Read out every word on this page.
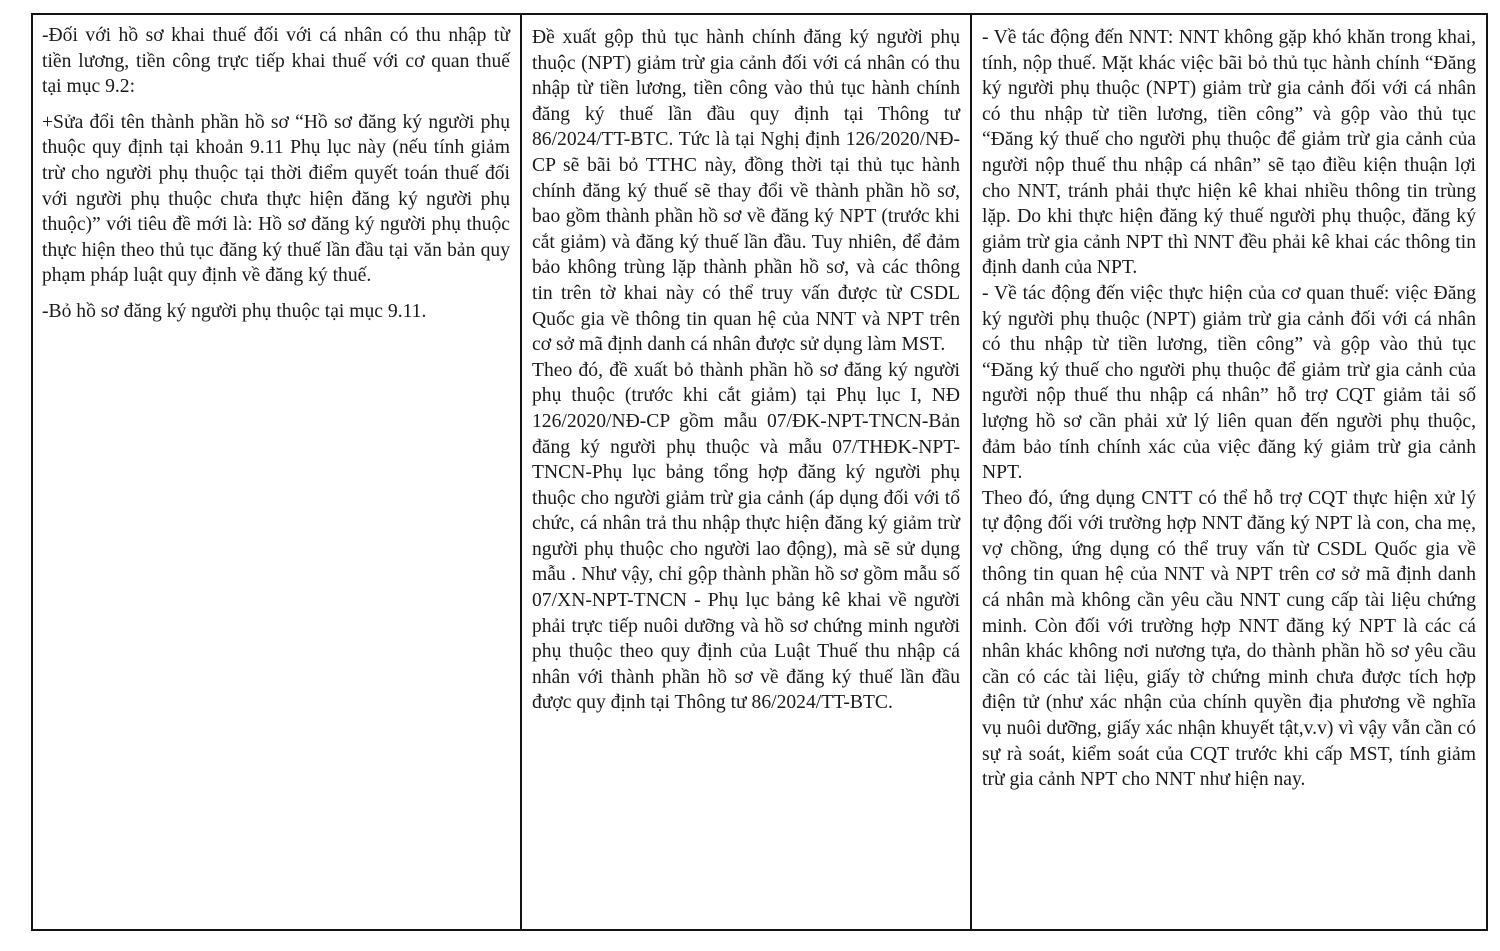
-Đối với hồ sơ khai thuế đối với cá nhân có thu nhập từ tiền lương, tiền công trực tiếp khai thuế với cơ quan thuế tại mục 9.2:

+Sửa đổi tên thành phần hồ sơ “Hồ sơ đăng ký người phụ thuộc quy định tại khoản 9.11 Phụ lục này (nếu tính giảm trừ cho người phụ thuộc tại thời điểm quyết toán thuế đối với người phụ thuộc chưa thực hiện đăng ký người phụ thuộc)” với tiêu đề mới là: Hồ sơ đăng ký người phụ thuộc thực hiện theo thủ tục đăng ký thuế lần đầu tại văn bản quy phạm pháp luật quy định về đăng ký thuế.

-Bỏ hồ sơ đăng ký người phụ thuộc tại mục 9.11.

Đề xuất gộp thủ tục hành chính đăng ký người phụ thuộc (NPT) giảm trừ gia cảnh đối với cá nhân có thu nhập từ tiền lương, tiền công vào thủ tục hành chính đăng ký thuế lần đầu quy định tại Thông tư 86/2024/TT-BTC. Tức là tại Nghị định 126/2020/NĐ-CP sẽ bãi bỏ TTHC này, đồng thời tại thủ tục hành chính đăng ký thuế sẽ thay đổi về thành phần hồ sơ, bao gồm thành phần hồ sơ về đăng ký NPT (trước khi cắt giảm) và đăng ký thuế lần đầu. Tuy nhiên, để đảm bảo không trùng lặp thành phần hồ sơ, và các thông tin trên tờ khai này có thể truy vấn được từ CSDL Quốc gia về thông tin quan hệ của NNT và NPT trên cơ sở mã định danh cá nhân được sử dụng làm MST.

Theo đó, đề xuất bỏ thành phần hồ sơ đăng ký người phụ thuộc (trước khi cắt giảm) tại Phụ lục I, NĐ 126/2020/NĐ-CP gồm mẫu 07/ĐK-NPT-TNCN-Bản đăng ký người phụ thuộc và mẫu 07/THĐK-NPT-TNCN-Phụ lục bảng tổng hợp đăng ký người phụ thuộc cho người giảm trừ gia cảnh (áp dụng đối với tổ chức, cá nhân trả thu nhập thực hiện đăng ký giảm trừ người phụ thuộc cho người lao động), mà sẽ sử dụng mẫu . Như vậy, chỉ gộp thành phần hồ sơ gồm mẫu số 07/XN-NPT-TNCN - Phụ lục bảng kê khai về người phải trực tiếp nuôi dưỡng và hồ sơ chứng minh người phụ thuộc theo quy định của Luật Thuế thu nhập cá nhân với thành phần hồ sơ về đăng ký thuế lần đầu được quy định tại Thông tư 86/2024/TT-BTC.

- Về tác động đến NNT: NNT không gặp khó khăn trong khai, tính, nộp thuế. Mặt khác việc bãi bỏ thủ tục hành chính “Đăng ký người phụ thuộc (NPT) giảm trừ gia cảnh đối với cá nhân có thu nhập từ tiền lương, tiền công” và gộp vào thủ tục “Đăng ký thuế cho người phụ thuộc để giảm trừ gia cảnh của người nộp thuế thu nhập cá nhân” sẽ tạo điều kiện thuận lợi cho NNT, tránh phải thực hiện kê khai nhiều thông tin trùng lặp. Do khi thực hiện đăng ký thuế người phụ thuộc, đăng ký giảm trừ gia cảnh NPT thì NNT đều phải kê khai các thông tin định danh của NPT.

- Về tác động đến việc thực hiện của cơ quan thuế: việc Đăng ký người phụ thuộc (NPT) giảm trừ gia cảnh đối với cá nhân có thu nhập từ tiền lương, tiền công” và gộp vào thủ tục “Đăng ký thuế cho người phụ thuộc để giảm trừ gia cảnh của người nộp thuế thu nhập cá nhân” hỗ trợ CQT giảm tải số lượng hồ sơ cần phải xử lý liên quan đến người phụ thuộc, đảm bảo tính chính xác của việc đăng ký giảm trừ gia cảnh NPT.

Theo đó, ứng dụng CNTT có thể hỗ trợ CQT thực hiện xử lý tự động đối với trường hợp NNT đăng ký NPT là con, cha mẹ, vợ chồng, ứng dụng có thể truy vấn từ CSDL Quốc gia về thông tin quan hệ của NNT và NPT trên cơ sở mã định danh cá nhân mà không cần yêu cầu NNT cung cấp tài liệu chứng minh. Còn đối với trường hợp NNT đăng ký NPT là các cá nhân khác không nơi nương tựa, do thành phần hồ sơ yêu cầu cần có các tài liệu, giấy tờ chứng minh chưa được tích hợp điện tử (như xác nhận của chính quyền địa phương về nghĩa vụ nuôi dưỡng, giấy xác nhận khuyết tật,v.v) vì vậy vẫn cần có sự rà soát, kiểm soát của CQT trước khi cấp MST, tính giảm trừ gia cảnh NPT cho NNT như hiện nay.
